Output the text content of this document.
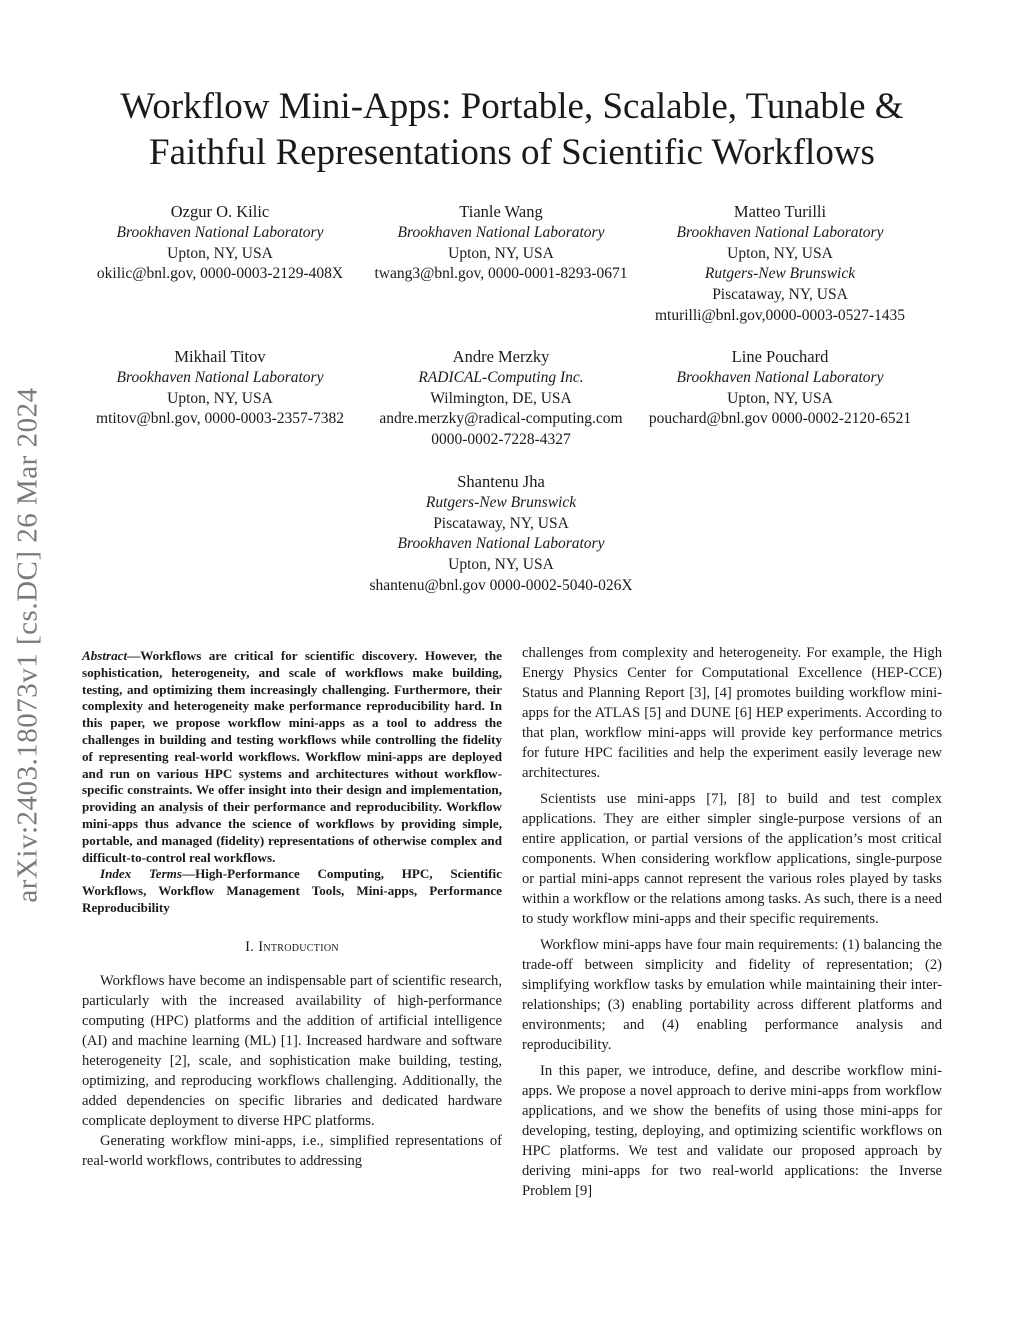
arXiv:2403.18073v1 [cs.DC] 26 Mar 2024
Workflow Mini-Apps: Portable, Scalable, Tunable &
Faithful Representations of Scientific Workflows
Ozgur O. Kilic
Brookhaven National Laboratory
Upton, NY, USA
okilic@bnl.gov, 0000-0003-2129-408X
Tianle Wang
Brookhaven National Laboratory
Upton, NY, USA
twang3@bnl.gov, 0000-0001-8293-0671
Matteo Turilli
Brookhaven National Laboratory
Upton, NY, USA
Rutgers-New Brunswick
Piscataway, NY, USA
mturilli@bnl.gov,0000-0003-0527-1435
Mikhail Titov
Brookhaven National Laboratory
Upton, NY, USA
mtitov@bnl.gov, 0000-0003-2357-7382
Andre Merzky
RADICAL-Computing Inc.
Wilmington, DE, USA
andre.merzky@radical-computing.com
0000-0002-7228-4327
Line Pouchard
Brookhaven National Laboratory
Upton, NY, USA
pouchard@bnl.gov 0000-0002-2120-6521
Shantenu Jha
Rutgers-New Brunswick
Piscataway, NY, USA
Brookhaven National Laboratory
Upton, NY, USA
shantenu@bnl.gov 0000-0002-5040-026X

Abstract—Workflows are critical for scientific discovery. However, the sophistication, heterogeneity, and scale of workflows make building, testing, and optimizing them increasingly challenging. Furthermore, their complexity and heterogeneity make performance reproducibility hard. In this paper, we propose workflow mini-apps as a tool to address the challenges in building and testing workflows while controlling the fidelity of representing real-world workflows. Workflow mini-apps are deployed and run on various HPC systems and architectures without workflow-specific constraints. We offer insight into their design and implementation, providing an analysis of their performance and reproducibility. Workflow mini-apps thus advance the science of workflows by providing simple, portable, and managed (fidelity) representations of otherwise complex and difficult-to-control real workflows.

Index Terms—High-Performance Computing, HPC, Scientific Workflows, Workflow Management Tools, Mini-apps, Performance Reproducibility

I. Introduction

Workflows have become an indispensable part of scientific research, particularly with the increased availability of high-performance computing (HPC) platforms and the addition of artificial intelligence (AI) and machine learning (ML) [1]. Increased hardware and software heterogeneity [2], scale, and sophistication make building, testing, optimizing, and reproducing workflows challenging. Additionally, the added dependencies on specific libraries and dedicated hardware complicate deployment to diverse HPC platforms.

Generating workflow mini-apps, i.e., simplified representations of real-world workflows, contributes to addressing

challenges from complexity and heterogeneity. For example, the High Energy Physics Center for Computational Excellence (HEP-CCE) Status and Planning Report [3], [4] promotes building workflow mini-apps for the ATLAS [5] and DUNE [6] HEP experiments. According to that plan, workflow mini-apps will provide key performance metrics for future HPC facilities and help the experiment easily leverage new architectures.

Scientists use mini-apps [7], [8] to build and test complex applications. They are either simpler single-purpose versions of an entire application, or partial versions of the application’s most critical components. When considering workflow applications, single-purpose or partial mini-apps cannot represent the various roles played by tasks within a workflow or the relations among tasks. As such, there is a need to study workflow mini-apps and their specific requirements.

Workflow mini-apps have four main requirements: (1) balancing the trade-off between simplicity and fidelity of representation; (2) simplifying workflow tasks by emulation while maintaining their inter-relationships; (3) enabling portability across different platforms and environments; and (4) enabling performance analysis and reproducibility.

In this paper, we introduce, define, and describe workflow mini-apps. We propose a novel approach to derive mini-apps from workflow applications, and we show the benefits of using those mini-apps for developing, testing, deploying, and optimizing scientific workflows on HPC platforms. We test and validate our proposed approach by deriving mini-apps for two real-world applications: the Inverse Problem [9]
